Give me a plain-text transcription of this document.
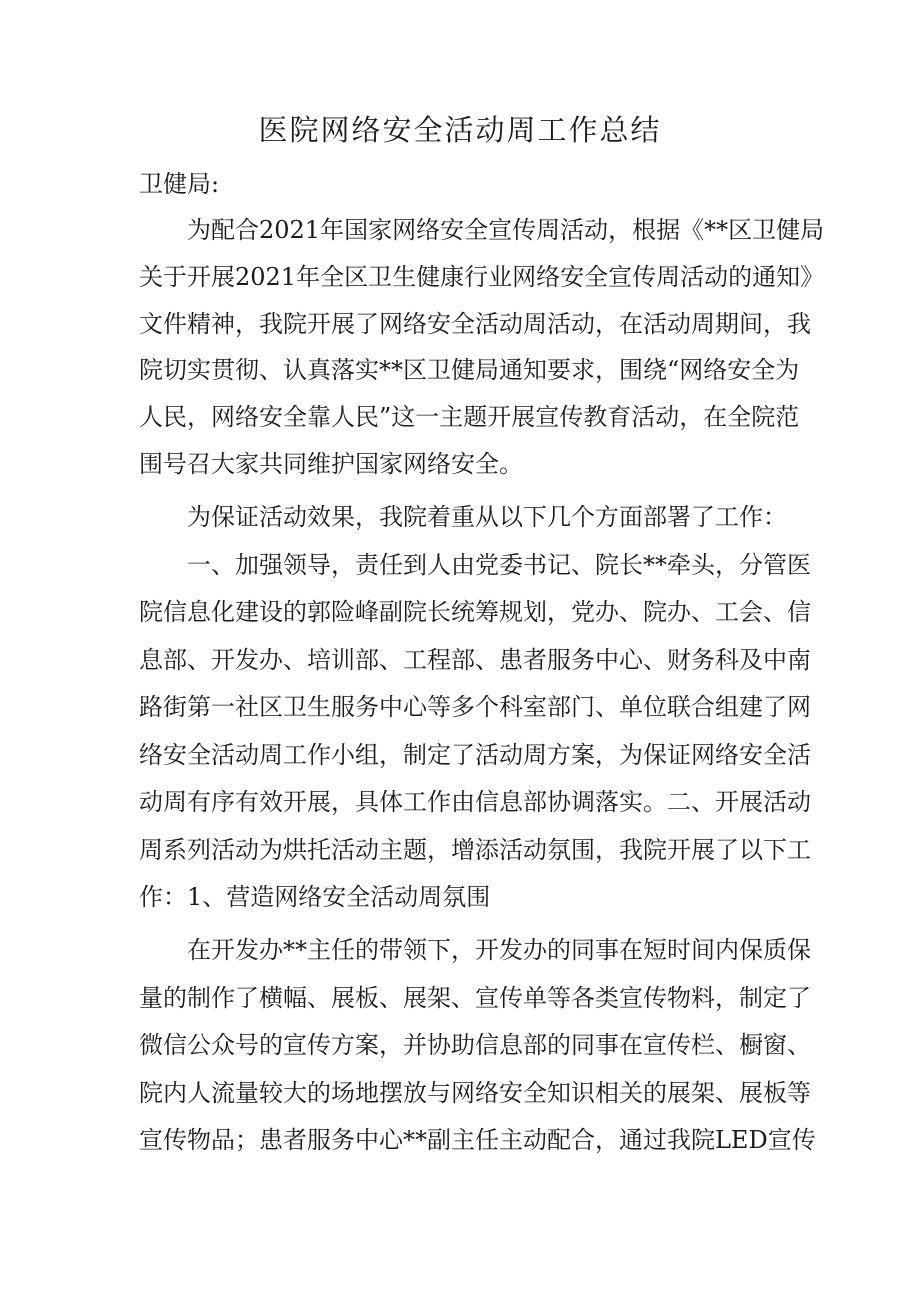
医院网络安全活动周工作总结
卫健局:
为配合2021年国家网络安全宣传周活动，根据《**区卫健局
关于开展2021年全区卫生健康行业网络安全宣传周活动的通知》
文件精神，我院开展了网络安全活动周活动，在活动周期间，我
院切实贯彻、认真落实**区卫健局通知要求，围绕“网络安全为
人民，网络安全靠人民”这一主题开展宣传教育活动，在全院范
围号召大家共同维护国家网络安全。
为保证活动效果，我院着重从以下几个方面部署了工作：
一、加强领导，责任到人由党委书记、院长**牵头，分管医
院信息化建设的郭险峰副院长统筹规划，党办、院办、工会、信
息部、开发办、培训部、工程部、患者服务中心、财务科及中南
路街第一社区卫生服务中心等多个科室部门、单位联合组建了网
络安全活动周工作小组，制定了活动周方案，为保证网络安全活
动周有序有效开展，具体工作由信息部协调落实。二、开展活动
周系列活动为烘托活动主题，增添活动氛围，我院开展了以下工
作：1、营造网络安全活动周氛围
在开发办**主任的带领下，开发办的同事在短时间内保质保
量的制作了横幅、展板、展架、宣传单等各类宣传物料，制定了
微信公众号的宣传方案，并协助信息部的同事在宣传栏、橱窗、
院内人流量较大的场地摆放与网络安全知识相关的展架、展板等
宣传物品；患者服务中心**副主任主动配合，通过我院LED宣传
